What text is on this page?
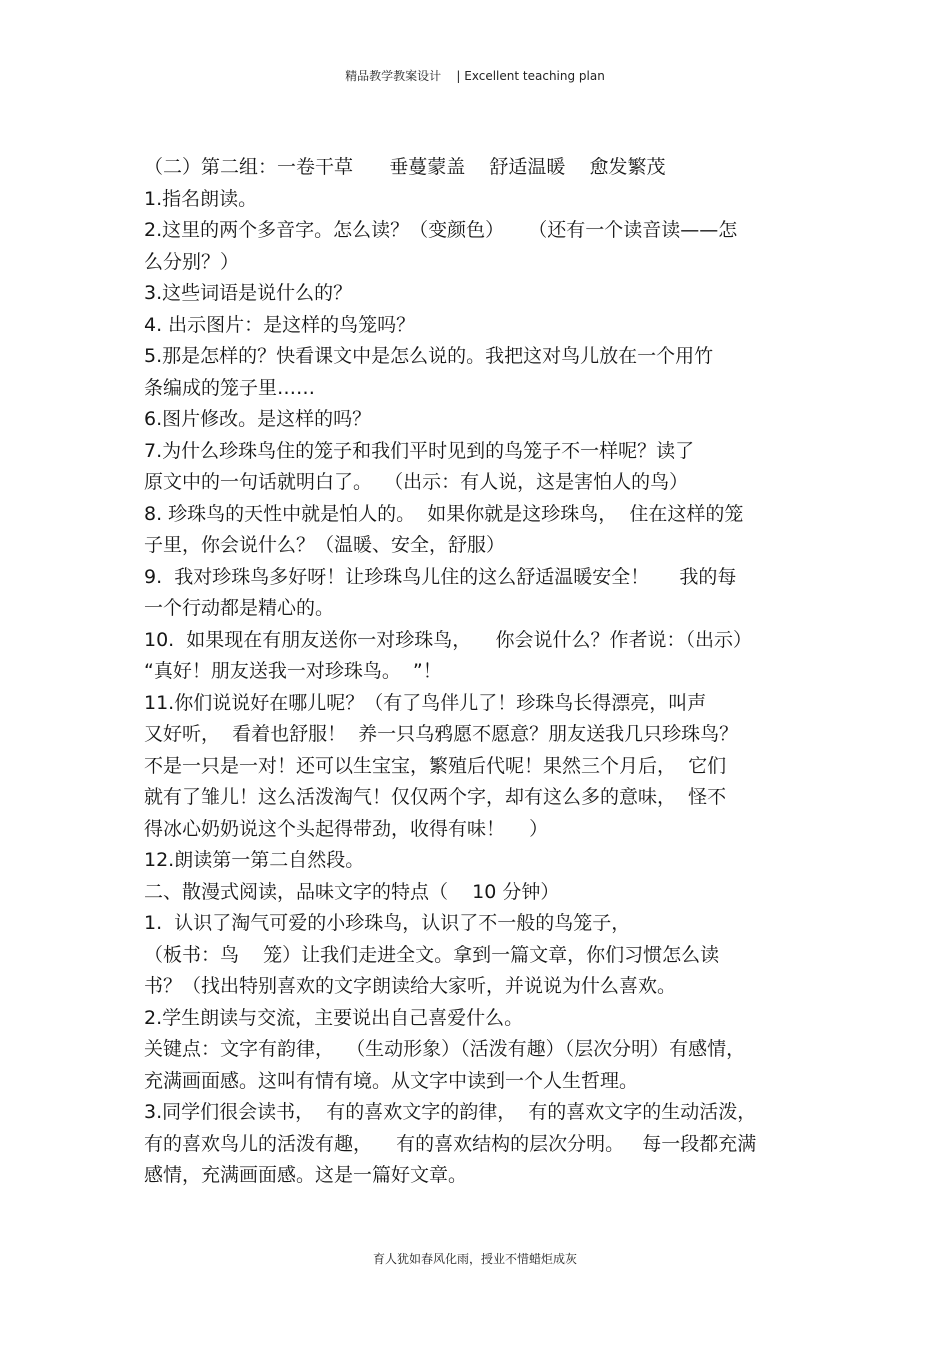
精品教学教案设计    | Excellent teaching plan
（二）第二组：一卷干草      垂蔓蒙盖    舒适温暖    愈发繁茂
1.指名朗读。
2.这里的两个多音字。怎么读？（变颜色）    （还有一个读音读——怎
么分别？）
3.这些词语是说什么的？
4. 出示图片：是这样的鸟笼吗？
5.那是怎样的？快看课文中是怎么说的。我把这对鸟儿放在一个用竹
条编成的笼子里……
6.图片修改。是这样的吗？
7.为什么珍珠鸟住的笼子和我们平时见到的鸟笼子不一样呢？读了
原文中的一句话就明白了。  （出示：有人说，这是害怕人的鸟）
8. 珍珠鸟的天性中就是怕人的。  如果你就是这珍珠鸟，  住在这样的笼
子里，你会说什么？（温暖、安全，舒服）
9.  我对珍珠鸟多好呀！让珍珠鸟儿住的这么舒适温暖安全！     我的每
一个行动都是精心的。
10.  如果现在有朋友送你一对珍珠鸟，    你会说什么？作者说：（出示）
“真好！朋友送我一对珍珠鸟。  ”！
11.你们说说好在哪儿呢？（有了鸟伴儿了！珍珠鸟长得漂亮，叫声
又好听，  看着也舒服！  养一只乌鸦愿不愿意？朋友送我几只珍珠鸟？
不是一只是一对！还可以生宝宝，繁殖后代呢！果然三个月后，  它们
就有了雏儿！这么活泼淘气！仅仅两个字，却有这么多的意味，  怪不
得冰心奶奶说这个头起得带劲，收得有味！    ）
12.朗读第一第二自然段。
二、散漫式阅读，品味文字的特点（    10 分钟）
1.  认识了淘气可爱的小珍珠鸟，认识了不一般的鸟笼子，
（板书：鸟    笼）让我们走进全文。拿到一篇文章，你们习惯怎么读
书？（找出特别喜欢的文字朗读给大家听，并说说为什么喜欢。
2.学生朗读与交流，主要说出自己喜爱什么。
关键点：文字有韵律，  （生动形象）（活泼有趣）（层次分明）有感情，
充满画面感。这叫有情有境。从文字中读到一个人生哲理。
3.同学们很会读书，  有的喜欢文字的韵律，  有的喜欢文字的生动活泼，
有的喜欢鸟儿的活泼有趣，    有的喜欢结构的层次分明。   每一段都充满
感情，充满画面感。这是一篇好文章。
育人犹如春风化雨，授业不惜蜡炬成灰
